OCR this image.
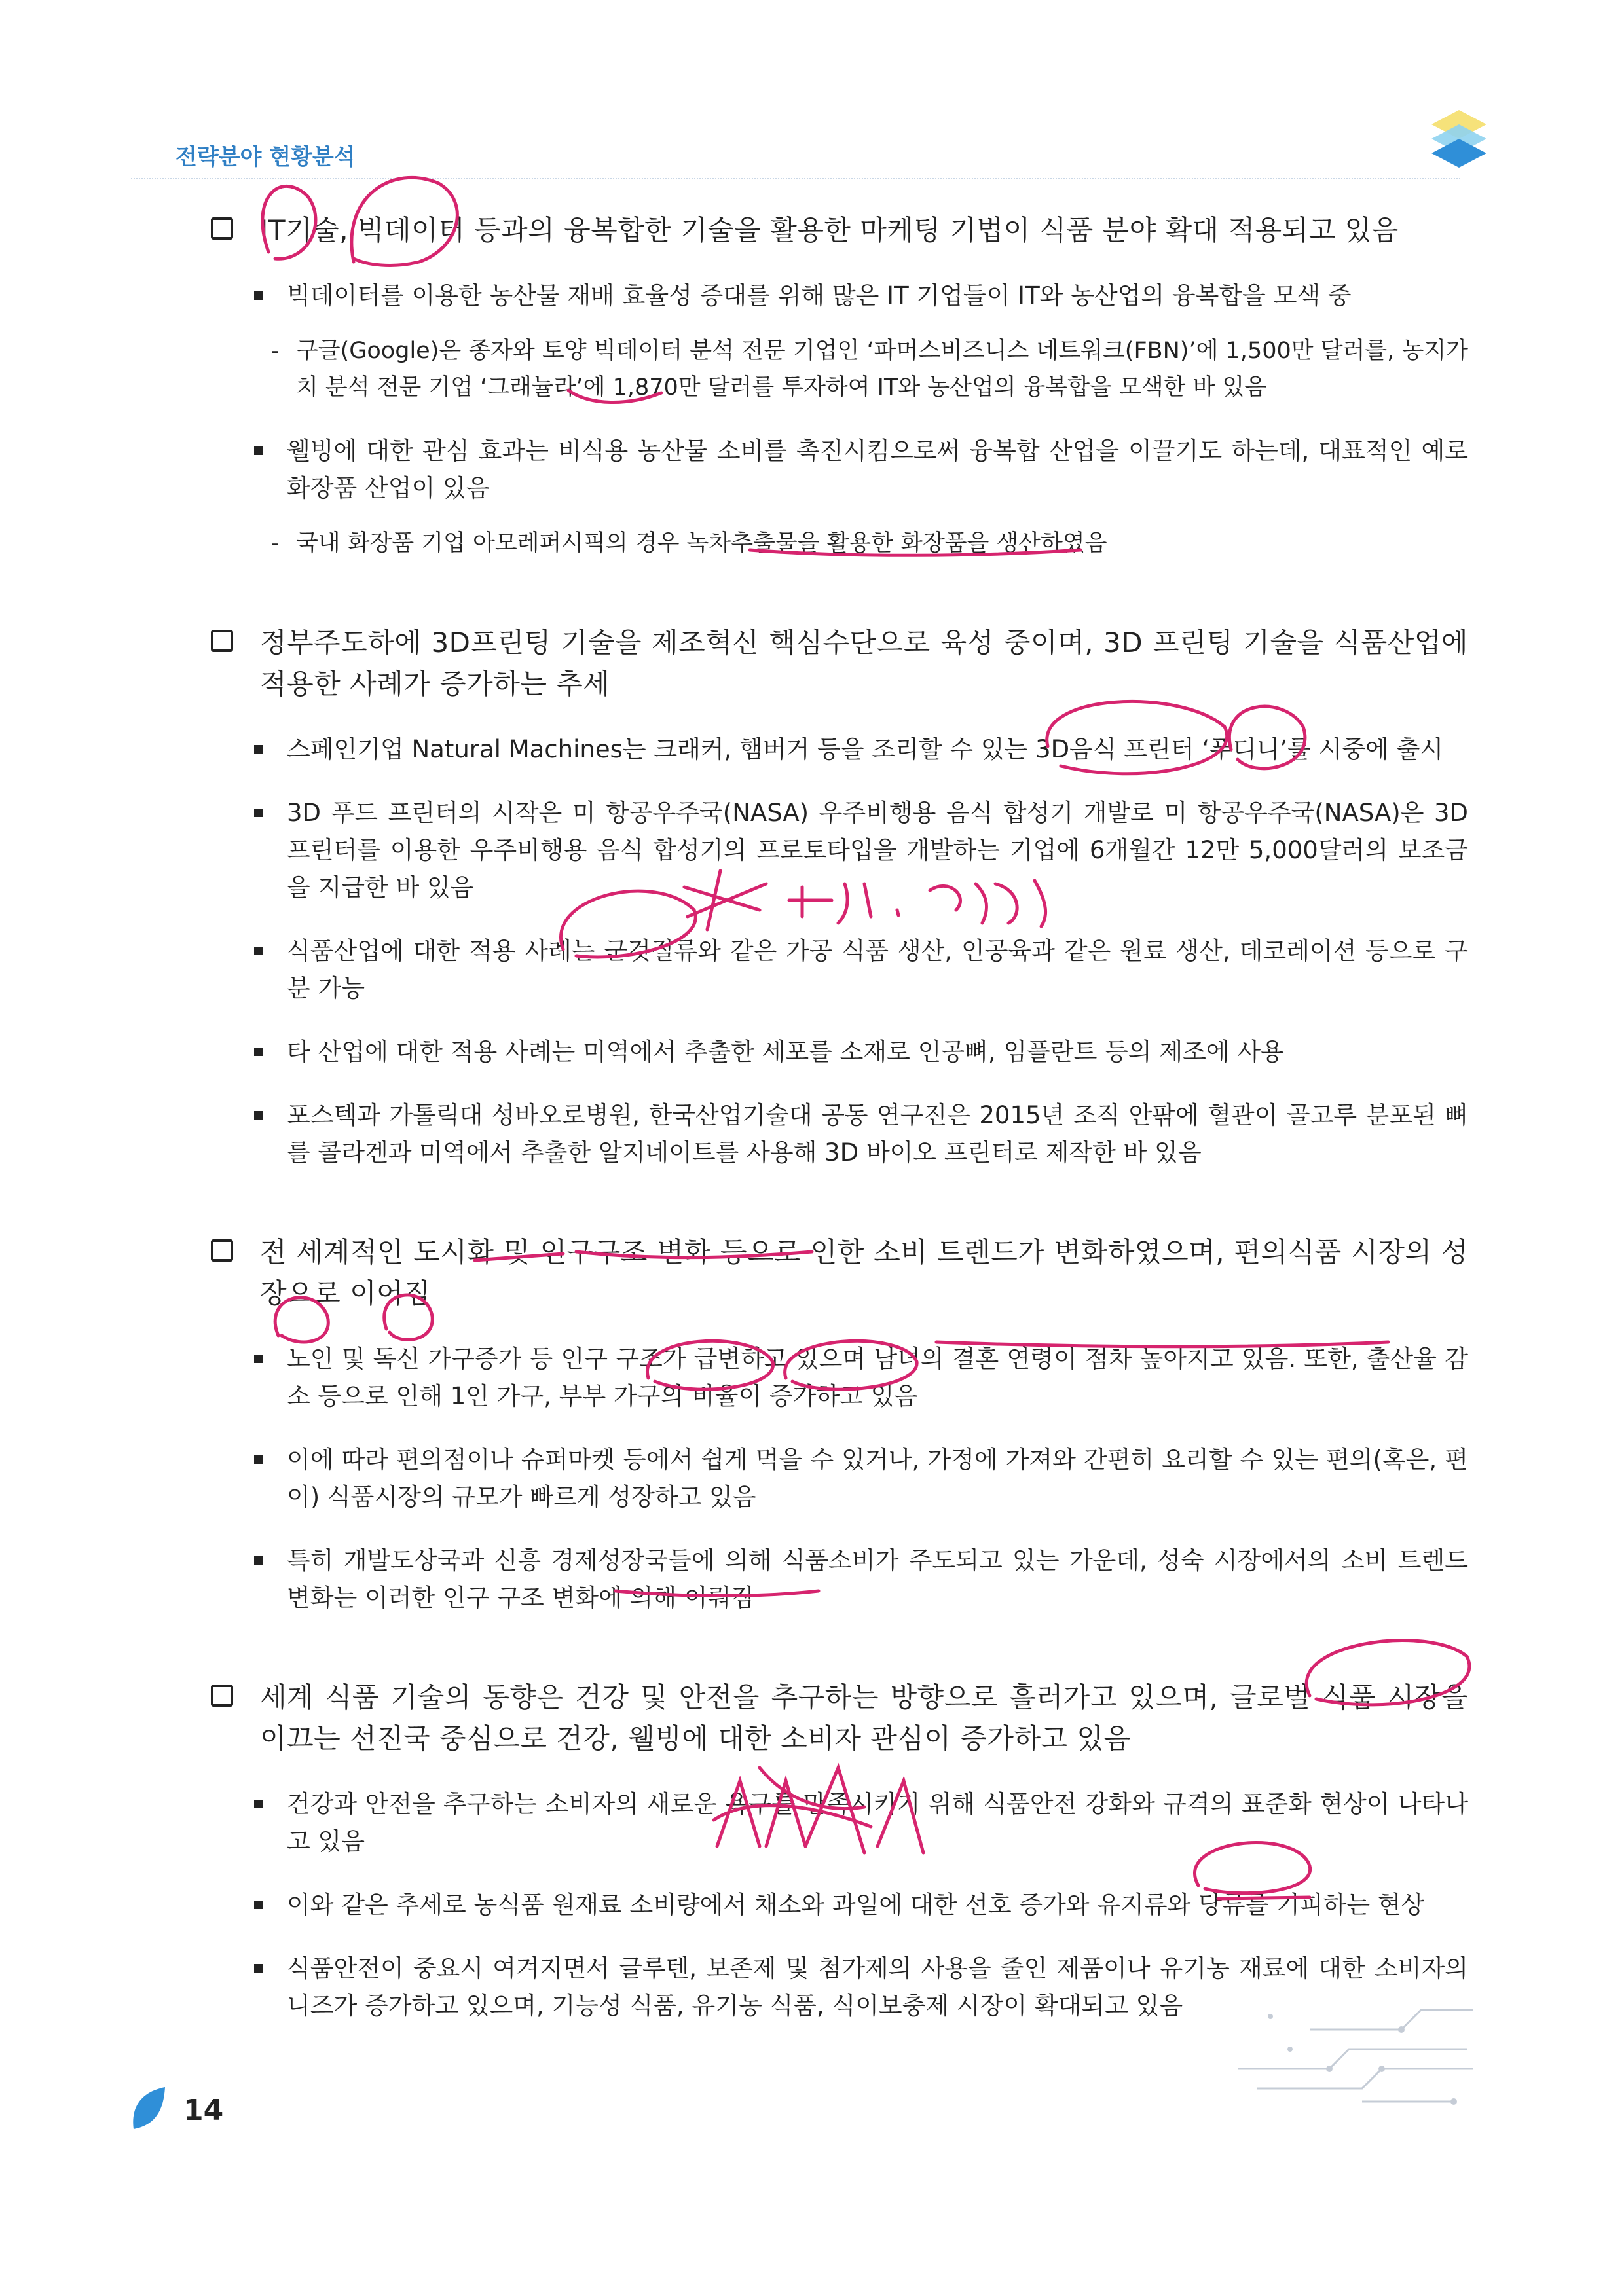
전략분야 현황분석
IT기술, 빅데이터 등과의 융복합한 기술을 활용한 마케팅 기법이 식품 분야 확대 적용되고 있음
빅데이터를 이용한 농산물 재배 효율성 증대를 위해 많은 IT 기업들이 IT와 농산업의 융복합을 모색 중
- 구글(Google)은 종자와 토양 빅데이터 분석 전문 기업인 ‘파머스비즈니스 네트워크(FBN)’에 1,500만 달러를, 농지가치 분석 전문 기업 ‘그래뉼라’에 1,870만 달러를 투자하여 IT와 농산업의 융복합을 모색한 바 있음
웰빙에 대한 관심 효과는 비식용 농산물 소비를 촉진시킴으로써 융복합 산업을 이끌기도 하는데, 대표적인 예로 화장품 산업이 있음
- 국내 화장품 기업 아모레퍼시픽의 경우 녹차추출물을 활용한 화장품을 생산하였음
정부주도하에 3D프린팅 기술을 제조혁신 핵심수단으로 육성 중이며, 3D 프린팅 기술을 식품산업에 적용한 사례가 증가하는 추세
스페인기업 Natural Machines는 크래커, 햄버거 등을 조리할 수 있는 3D음식 프린터 ‘푸디니’를 시중에 출시
3D 푸드 프린터의 시작은 미 항공우주국(NASA) 우주비행용 음식 합성기 개발로 미 항공우주국(NASA)은 3D 프린터를 이용한 우주비행용 음식 합성기의 프로토타입을 개발하는 기업에 6개월간 12만 5,000달러의 보조금을 지급한 바 있음
식품산업에 대한 적용 사례는 군것질류와 같은 가공 식품 생산, 인공육과 같은 원료 생산, 데코레이션 등으로 구분 가능
타 산업에 대한 적용 사례는 미역에서 추출한 세포를 소재로 인공뼈, 임플란트 등의 제조에 사용
포스텍과 가톨릭대 성바오로병원, 한국산업기술대 공동 연구진은 2015년 조직 안팎에 혈관이 골고루 분포된 뼈를 콜라겐과 미역에서 추출한 알지네이트를 사용해 3D 바이오 프린터로 제작한 바 있음
전 세계적인 도시화 및 인구구조 변화 등으로 인한 소비 트렌드가 변화하였으며, 편의식품 시장의 성장으로 이어짐
노인 및 독신 가구증가 등 인구 구조가 급변하고 있으며 남녀의 결혼 연령이 점차 높아지고 있음. 또한, 출산율 감소 등으로 인해 1인 가구, 부부 가구의 비율이 증가하고 있음
이에 따라 편의점이나 슈퍼마켓 등에서 쉽게 먹을 수 있거나, 가정에 가져와 간편히 요리할 수 있는 편의(혹은, 편이) 식품시장의 규모가 빠르게 성장하고 있음
특히 개발도상국과 신흥 경제성장국들에 의해 식품소비가 주도되고 있는 가운데, 성숙 시장에서의 소비 트렌드 변화는 이러한 인구 구조 변화에 의해 이뤄짐
세계 식품 기술의 동향은 건강 및 안전을 추구하는 방향으로 흘러가고 있으며, 글로벌 식품 시장을 이끄는 선진국 중심으로 건강, 웰빙에 대한 소비자 관심이 증가하고 있음
건강과 안전을 추구하는 소비자의 새로운 욕구를 만족시키기 위해 식품안전 강화와 규격의 표준화 현상이 나타나고 있음
이와 같은 추세로 농식품 원재료 소비량에서 채소와 과일에 대한 선호 증가와 유지류와 당류를 기피하는 현상
식품안전이 중요시 여겨지면서 글루텐, 보존제 및 첨가제의 사용을 줄인 제품이나 유기농 재료에 대한 소비자의 니즈가 증가하고 있으며, 기능성 식품, 유기농 식품, 식이보충제 시장이 확대되고 있음
14
